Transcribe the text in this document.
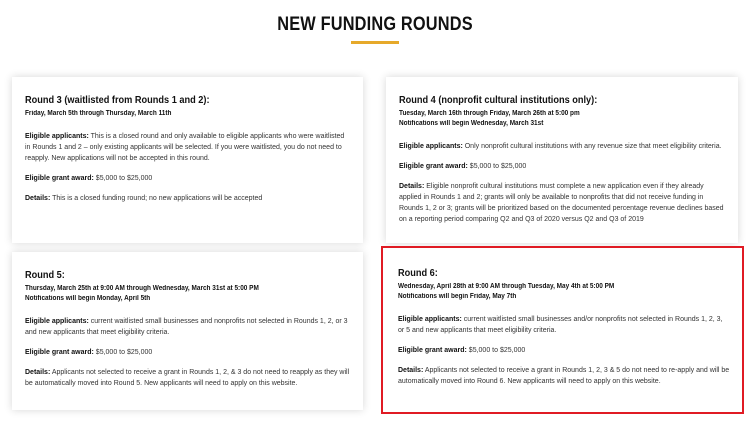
NEW FUNDING ROUNDS
Round 3 (waitlisted from Rounds 1 and 2):
Friday, March 5th through Thursday, March 11th
Eligible applicants: This is a closed round and only available to eligible applicants who were waitlisted in Rounds 1 and 2 – only existing applicants will be selected. If you were waitlisted, you do not need to reapply. New applications will not be accepted in this round.
Eligible grant award: $5,000 to $25,000
Details: This is a closed funding round; no new applications will be accepted
Round 4 (nonprofit cultural institutions only):
Tuesday, March 16th through Friday, March 26th at 5:00 pm
Notifications will begin Wednesday, March 31st
Eligible applicants: Only nonprofit cultural institutions with any revenue size that meet eligibility criteria.
Eligible grant award: $5,000 to $25,000
Details: Eligible nonprofit cultural institutions must complete a new application even if they already applied in Rounds 1 and 2; grants will only be available to nonprofits that did not receive funding in Rounds 1, 2 or 3; grants will be prioritized based on the documented percentage revenue declines based on a reporting period comparing Q2 and Q3 of 2020 versus Q2 and Q3 of 2019
Round 5:
Thursday, March 25th at 9:00 AM through Wednesday, March 31st at 5:00 PM
Notifications will begin Monday, April 5th
Eligible applicants: current waitlisted small businesses and nonprofits not selected in Rounds 1, 2, or 3 and new applicants that meet eligibility criteria.
Eligible grant award: $5,000 to $25,000
Details: Applicants not selected to receive a grant in Rounds 1, 2, & 3 do not need to reapply as they will be automatically moved into Round 5. New applicants will need to apply on this website.
Round 6:
Wednesday, April 28th at 9:00 AM through Tuesday, May 4th at 5:00 PM
Notifications will begin Friday, May 7th
Eligible applicants: current waitlisted small businesses and/or nonprofits not selected in Rounds 1, 2, 3, or 5 and new applicants that meet eligibility criteria.
Eligible grant award: $5,000 to $25,000
Details: Applicants not selected to receive a grant in Rounds 1, 2, 3 & 5 do not need to re-apply and will be automatically moved into Round 6. New applicants will need to apply on this website.
